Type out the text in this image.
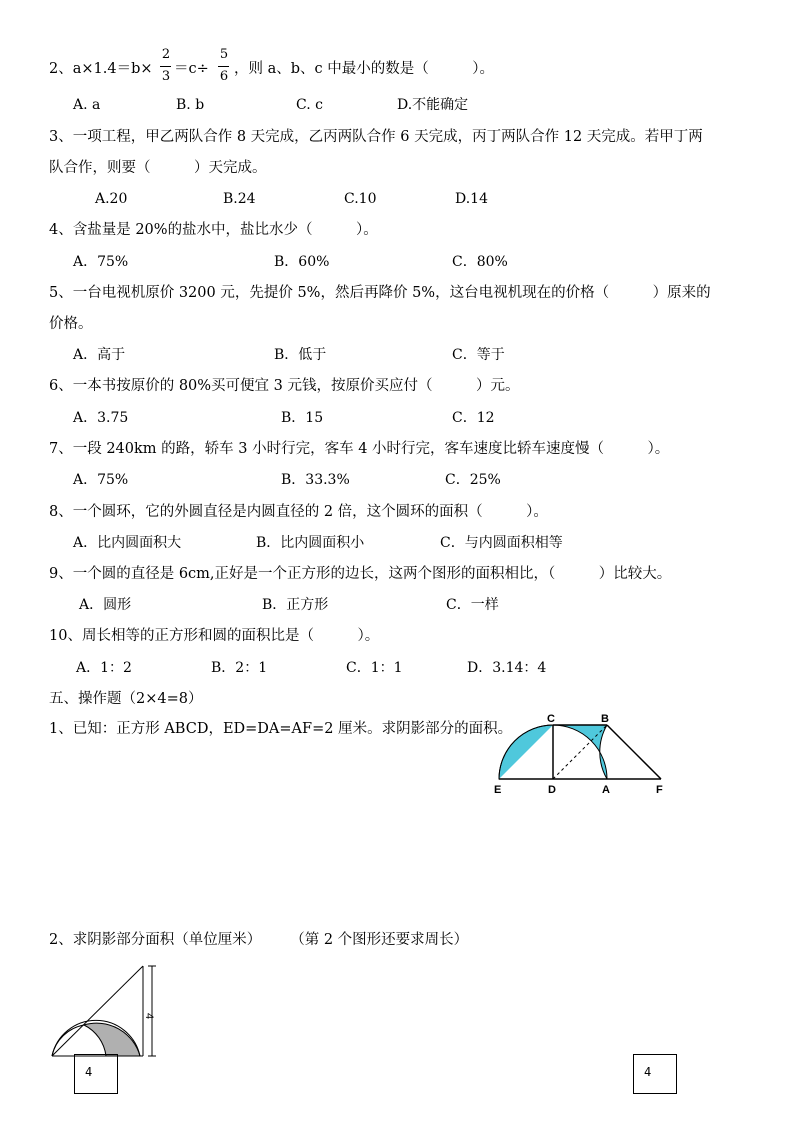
2、a×1.4＝b×
2
3 ＝c÷
5
6 ，则 a、b、c 中最小的数是（　　　）。
A. a	B. b	C. c	D.不能确定
3、一项工程，甲乙两队合作 8 天完成，乙丙两队合作 6 天完成，丙丁两队合作 12 天完成。若甲丁两
队合作，则要（　　　）天完成。
A.20	B.24	C.10	D.14
4、含盐量是 20%的盐水中，盐比水少（　　　）。
A．75%	B．60%	C．80%
5、一台电视机原价 3200 元，先提价 5%，然后再降价 5%，这台电视机现在的价格（　　　）原来的
价格。
A．高于	B．低于	C．等于
6、一本书按原价的 80%买可便宜 3 元钱，按原价买应付（　　　）元。
A．3.75	B．15	C．12
7、一段 240km 的路，轿车 3 小时行完，客车 4 小时行完，客车速度比轿车速度慢（　　　）。
A．75%	B．33.3%	C．25%
8、一个圆环，它的外圆直径是内圆直径的 2 倍，这个圆环的面积（　　　）。
A．比内圆面积大	B．比内圆面积小	C．与内圆面积相等
9、一个圆的直径是 6cm,正好是一个正方形的边长，这两个图形的面积相比，（　　　）比较大。
A．圆形	B．正方形	C．一样
10、周长相等的正方形和圆的面积比是（　　　）。
A．1：2	B．2：1	C．1：1	D．3.14：4
五、操作题（2×4=8）
1、已知：正方形 ABCD，ED=DA=AF=2 厘米。求阴影部分的面积。
C	B
E	D	A	F
2、求阴影部分面积（单位厘米）　　　（第 2 个图形还要求周长）
4
4	4
